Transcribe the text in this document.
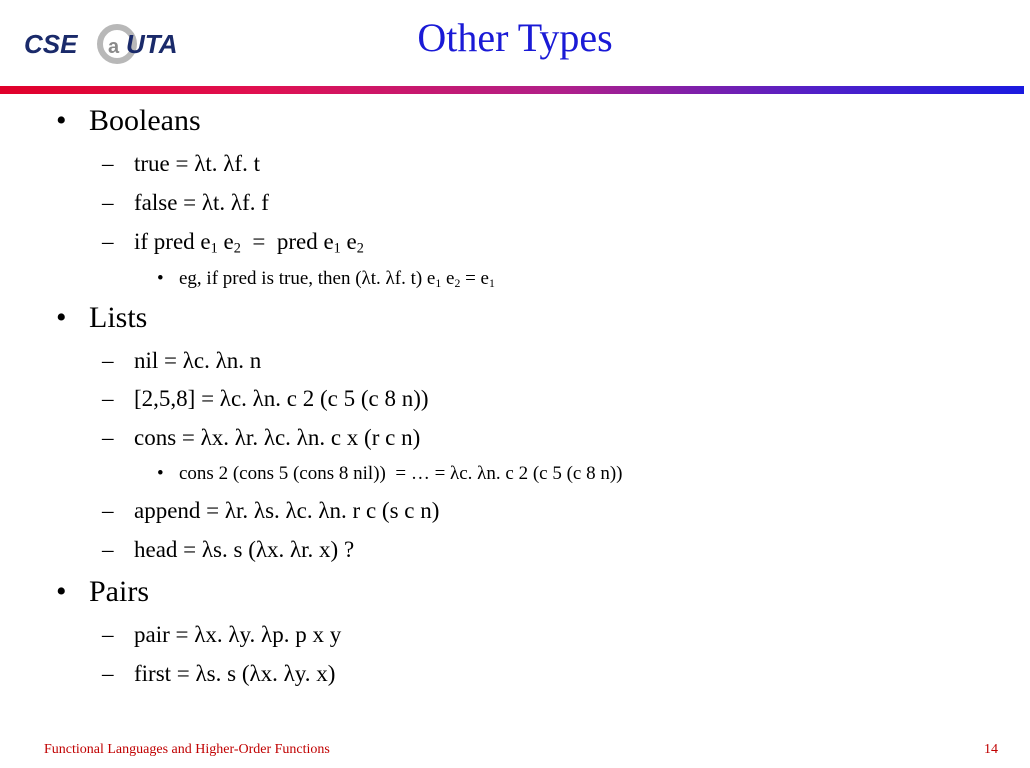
CSE UTA
a	Other Types
• Booleans
– true = λt. λf. t
– false = λt. λf. f
– if pred $e_1$ $e_2$  =  pred $e_1$ $e_2$
• eg, if pred is true, then (λt. λf. t) $e_1$ $e_2 = e_1$
• Lists
– nil = λc. λn. n
– [2,5,8] = λc. λn. c 2 (c 5 (c 8 n))
– cons = λx. λr. λc. λn. c x (r c n)
• cons 2 (cons 5 (cons 8 nil))  = … = λc. λn. c 2 (c 5 (c 8 n))
– append = λr. λs. λc. λn. r c (s c n)
– head = λs. s (λx. λr. x) ?
• Pairs
– pair = λx. λy. λp. p x y
– first = λs. s (λx. λy. x)
Functional Languages and Higher-Order Functions	14
